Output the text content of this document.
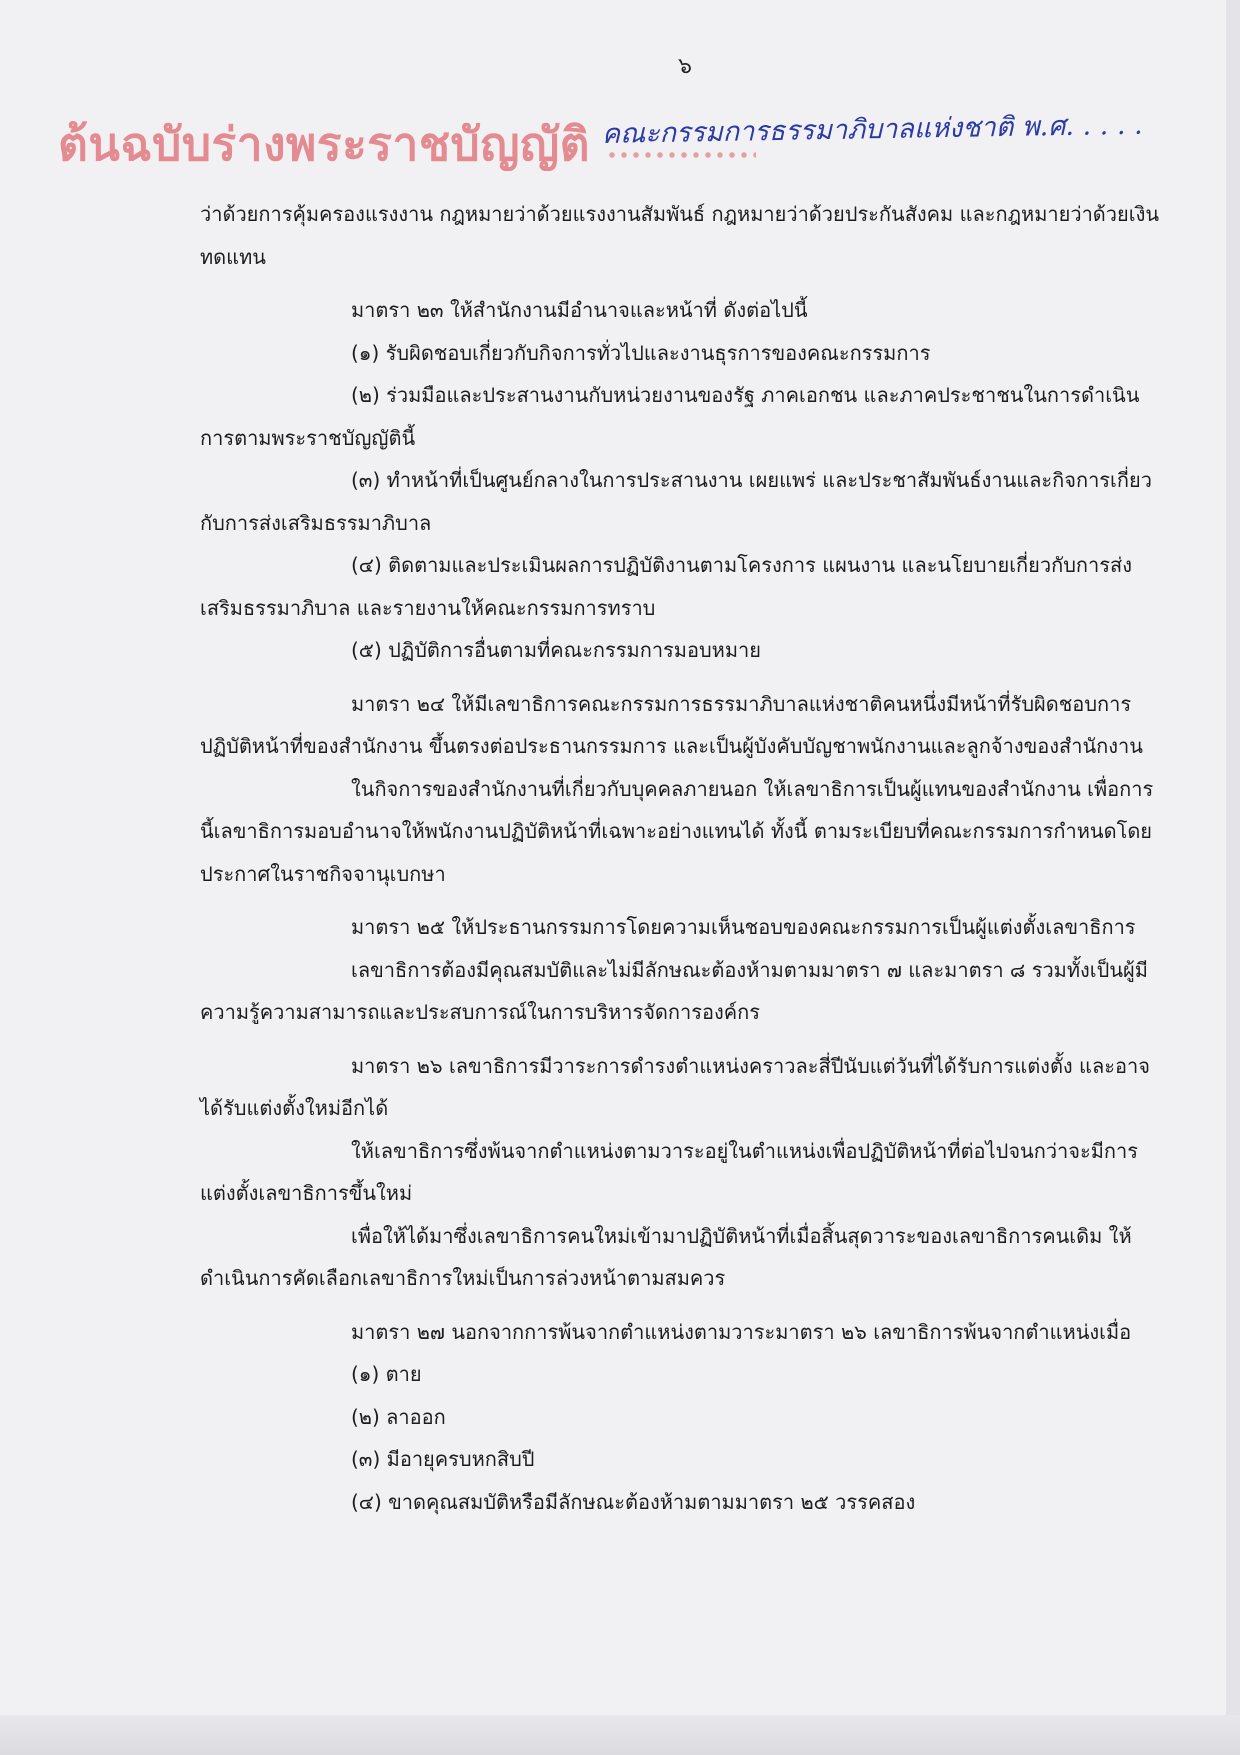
๖
ต้นฉบับร่างพระราชบัญญัติ คณะกรรมการธรรมาภิบาลแห่งชาติ พ.ศ. . . . .

ว่าด้วยการคุ้มครองแรงงาน กฎหมายว่าด้วยแรงงานสัมพันธ์ กฎหมายว่าด้วยประกันสังคม และกฎหมายว่าด้วยเงินทดแทน

มาตรา ๒๓ ให้สำนักงานมีอำนาจและหน้าที่ ดังต่อไปนี้

(๑) รับผิดชอบเกี่ยวกับกิจการทั่วไปและงานธุรการของคณะกรรมการ

(๒) ร่วมมือและประสานงานกับหน่วยงานของรัฐ ภาคเอกชน และภาคประชาชนในการดำเนินการตามพระราชบัญญัตินี้

(๓) ทำหน้าที่เป็นศูนย์กลางในการประสานงาน เผยแพร่ และประชาสัมพันธ์งานและกิจการเกี่ยวกับการส่งเสริมธรรมาภิบาล

(๔) ติดตามและประเมินผลการปฏิบัติงานตามโครงการ แผนงาน และนโยบายเกี่ยวกับการส่งเสริมธรรมาภิบาล และรายงานให้คณะกรรมการทราบ

(๕) ปฏิบัติการอื่นตามที่คณะกรรมการมอบหมาย

มาตรา ๒๔ ให้มีเลขาธิการคณะกรรมการธรรมาภิบาลแห่งชาติคนหนึ่งมีหน้าที่รับผิดชอบการปฏิบัติหน้าที่ของสำนักงาน ขึ้นตรงต่อประธานกรรมการ และเป็นผู้บังคับบัญชาพนักงานและลูกจ้างของสำนักงาน

ในกิจการของสำนักงานที่เกี่ยวกับบุคคลภายนอก ให้เลขาธิการเป็นผู้แทนของสำนักงาน เพื่อการนี้เลขาธิการมอบอำนาจให้พนักงานปฏิบัติหน้าที่เฉพาะอย่างแทนได้ ทั้งนี้ ตามระเบียบที่คณะกรรมการกำหนดโดยประกาศในราชกิจจานุเบกษา

มาตรา ๒๕ ให้ประธานกรรมการโดยความเห็นชอบของคณะกรรมการเป็นผู้แต่งตั้งเลขาธิการ

เลขาธิการต้องมีคุณสมบัติและไม่มีลักษณะต้องห้ามตามมาตรา ๗ และมาตรา ๘ รวมทั้งเป็นผู้มีความรู้ความสามารถและประสบการณ์ในการบริหารจัดการองค์กร

มาตรา ๒๖ เลขาธิการมีวาระการดำรงตำแหน่งคราวละสี่ปีนับแต่วันที่ได้รับการแต่งตั้ง และอาจได้รับแต่งตั้งใหม่อีกได้

ให้เลขาธิการซึ่งพ้นจากตำแหน่งตามวาระอยู่ในตำแหน่งเพื่อปฏิบัติหน้าที่ต่อไปจนกว่าจะมีการแต่งตั้งเลขาธิการขึ้นใหม่

เพื่อให้ได้มาซึ่งเลขาธิการคนใหม่เข้ามาปฏิบัติหน้าที่เมื่อสิ้นสุดวาระของเลขาธิการคนเดิม ให้ดำเนินการคัดเลือกเลขาธิการใหม่เป็นการล่วงหน้าตามสมควร

มาตรา ๒๗ นอกจากการพ้นจากตำแหน่งตามวาระมาตรา ๒๖ เลขาธิการพ้นจากตำแหน่งเมื่อ

(๑) ตาย

(๒) ลาออก

(๓) มีอายุครบหกสิบปี

(๔) ขาดคุณสมบัติหรือมีลักษณะต้องห้ามตามมาตรา ๒๕ วรรคสอง
